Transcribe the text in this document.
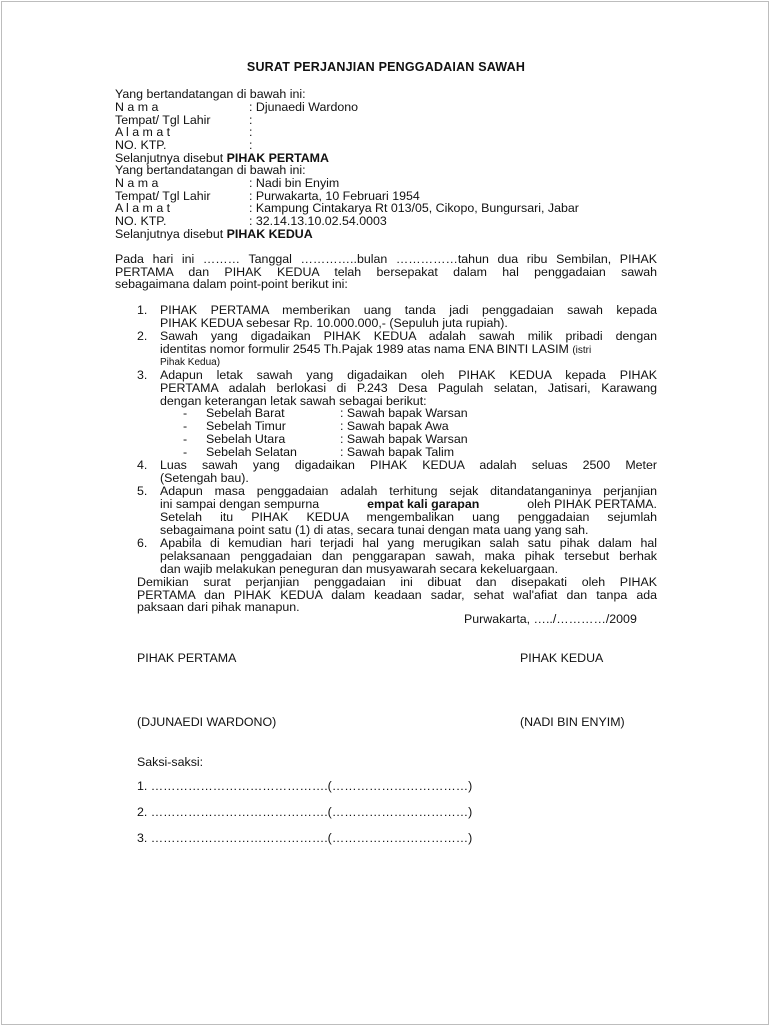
SURAT PERJANJIAN PENGGADAIAN SAWAH
Yang bertandatangan di bawah ini:
N a m a	: Djunaedi Wardono
Tempat/ Tgl Lahir	:
A l a m a t	:
NO. KTP.	:
Selanjutnya disebut PIHAK PERTAMA
Yang bertandatangan di bawah ini:
N a m a	: Nadi bin Enyim
Tempat/ Tgl Lahir	: Purwakarta, 10 Februari 1954
A l a m a t	: Kampung Cintakarya Rt 013/05, Cikopo, Bungursari, Jabar
NO. KTP.	: 32.14.13.10.02.54.0003
Selanjutnya disebut PIHAK KEDUA
Pada hari ini ……… Tanggal …………..bulan ……………tahun dua ribu Sembilan, PIHAK
PERTAMA dan PIHAK KEDUA telah bersepakat dalam hal penggadaian sawah
sebagaimana dalam point-point berikut ini:
1. PIHAK PERTAMA memberikan uang tanda jadi penggadaian sawah kepada
PIHAK KEDUA sebesar Rp. 10.000.000,- (Sepuluh juta rupiah).
2. Sawah yang digadaikan PIHAK KEDUA adalah sawah milik pribadi dengan
identitas nomor formulir 2545 Th.Pajak 1989 atas nama ENA BINTI LASIM (istri
Pihak Kedua)
3. Adapun letak sawah yang digadaikan oleh PIHAK KEDUA kepada PIHAK
PERTAMA adalah berlokasi di P.243 Desa Pagulah selatan, Jatisari, Karawang
dengan keterangan letak sawah sebagai berikut:
- Sebelah Barat	: Sawah bapak Warsan
- Sebelah Timur	: Sawah bapak Awa
- Sebelah Utara	: Sawah bapak Warsan
- Sebelah Selatan	: Sawah bapak Talim
4. Luas sawah yang digadaikan PIHAK KEDUA adalah seluas 2500 Meter
(Setengah bau).
5. Adapun masa penggadaian adalah terhitung sejak ditandatanganinya perjanjian
ini sampai dengan sempurna	empat kali garapan	oleh PIHAK PERTAMA.
Setelah itu PIHAK KEDUA mengembalikan uang penggadaian sejumlah
sebagaimana point satu (1) di atas, secara tunai dengan mata uang yang sah.
6. Apabila di kemudian hari terjadi hal yang merugikan salah satu pihak dalam hal
pelaksanaan penggadaian dan penggarapan sawah, maka pihak tersebut berhak
dan wajib melakukan peneguran dan musyawarah secara kekeluargaan.
Demikian surat perjanjian penggadaian ini dibuat dan disepakati oleh PIHAK
PERTAMA dan PIHAK KEDUA dalam keadaan sadar, sehat wal'afiat dan tanpa ada
paksaan dari pihak manapun.
Purwakarta, …../…………/2009
PIHAK PERTAMA	PIHAK KEDUA
(DJUNAEDI WARDONO)	(NADI BIN ENYIM)
Saksi-saksi:
1. …………………………………….(……………………………)
2. …………………………………….(……………………………)
3. …………………………………….(……………………………)
